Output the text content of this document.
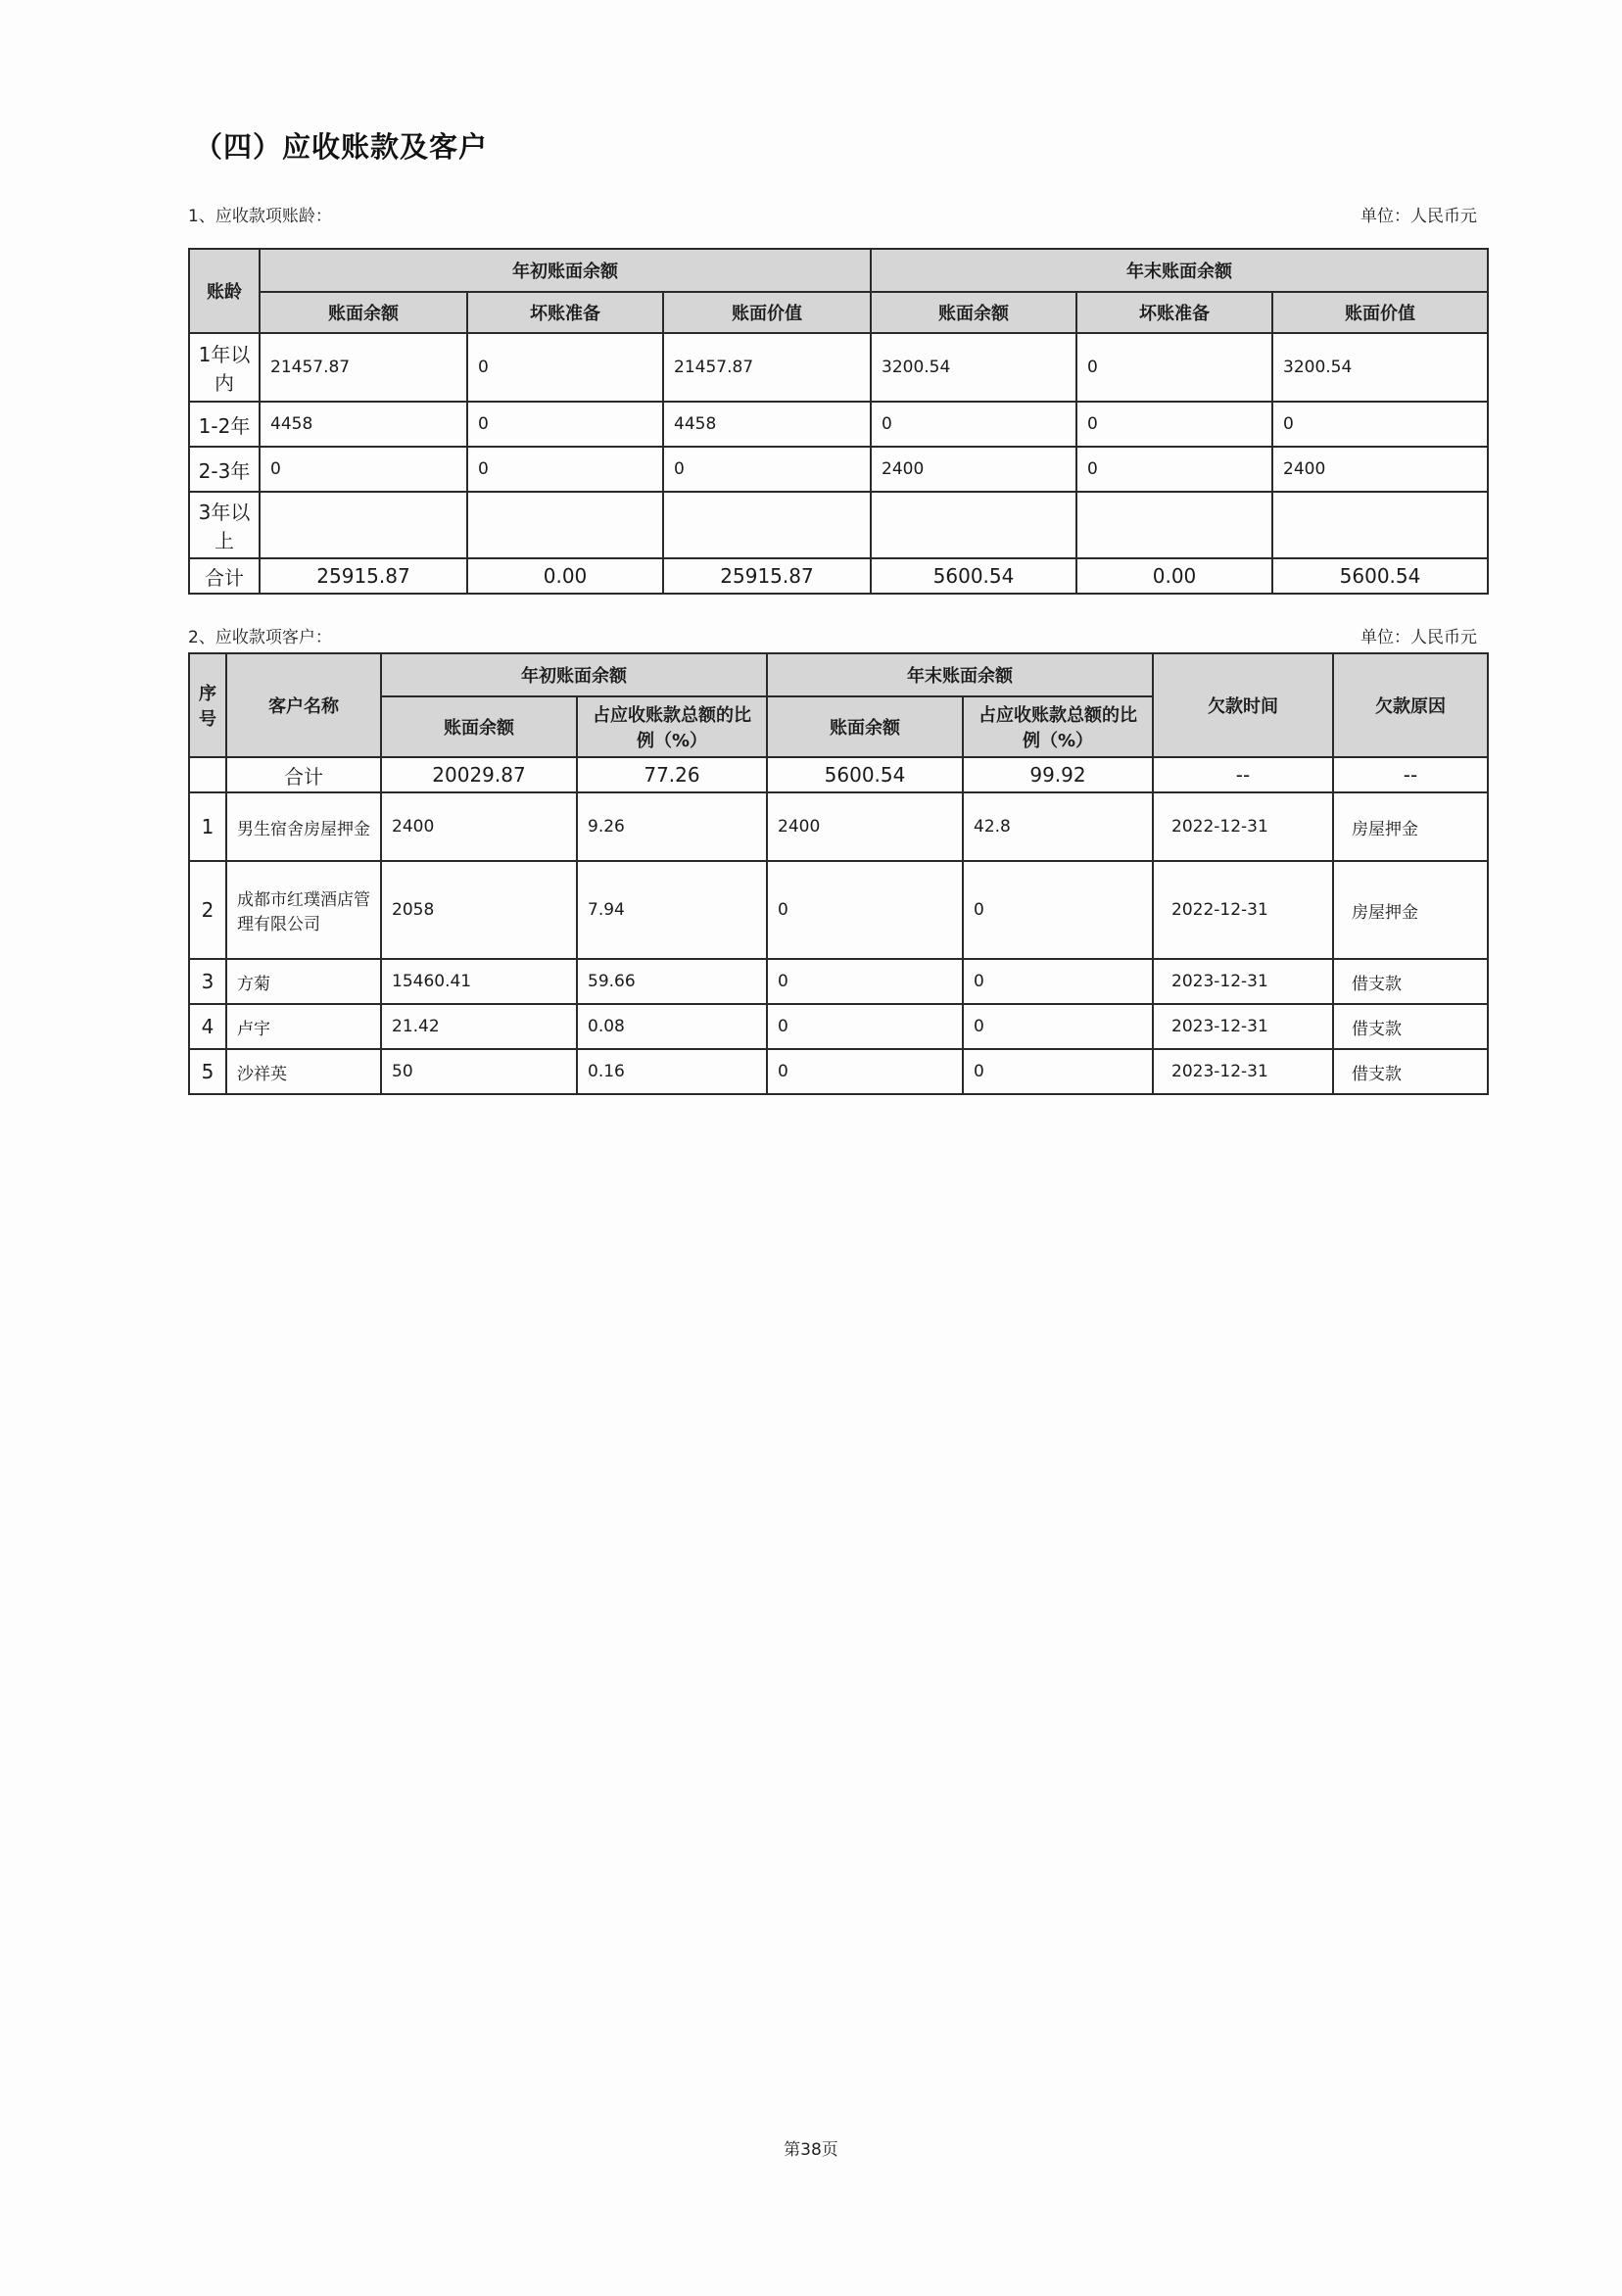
（四）应收账款及客户
1、应收款项账龄：	单位：人民币元
账龄	年初账面余额			年末账面余额		
	账面余额	坏账准备	账面价值	账面余额	坏账准备	账面价值
1年以内	21457.87	0	21457.87	3200.54	0	3200.54
1-2年	4458	0	4458	0	0	0
2-3年	0	0	0	2400	0	2400
3年以上						
合计	25915.87	0.00	25915.87	5600.54	0.00	5600.54
2、应收款项客户：	单位：人民币元
序号	客户名称	年初账面余额		年末账面余额		欠款时间	欠款原因
		账面余额	占应收账款总额的比例（%）	账面余额	占应收账款总额的比例（%）		
	合计	20029.87	77.26	5600.54	99.92	--	--
1	男生宿舍房屋押金	2400	9.26	2400	42.8	2022-12-31	房屋押金
2	成都市红璞酒店管理有限公司	2058	7.94	0	0	2022-12-31	房屋押金
3	方菊	15460.41	59.66	0	0	2023-12-31	借支款
4	卢宇	21.42	0.08	0	0	2023-12-31	借支款
5	沙祥英	50	0.16	0	0	2023-12-31	借支款
第38页
